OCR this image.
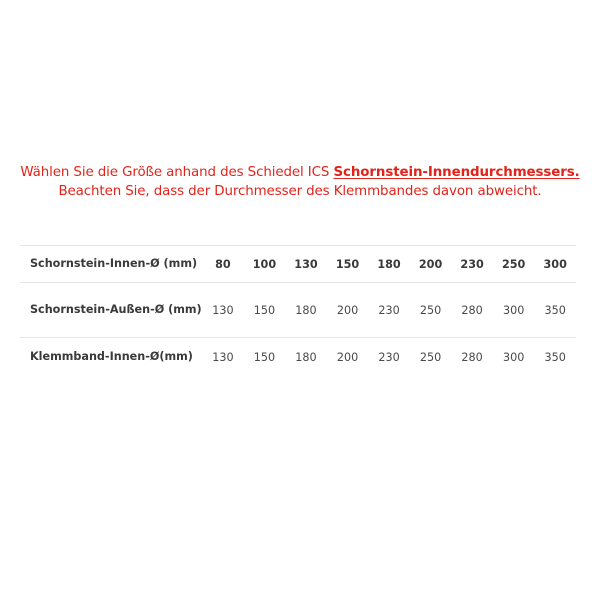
Wählen Sie die Größe anhand des Schiedel ICS Schornstein-Innendurchmessers.
Beachten Sie, dass der Durchmesser des Klemmbandes davon abweicht.
Schornstein-Innen-Ø (mm)	80	100	130	150	180	200	230	250	300
Schornstein-Außen-Ø (mm)	130	150	180	200	230	250	280	300	350
Klemmband-Innen-Ø(mm)	130	150	180	200	230	250	280	300	350
